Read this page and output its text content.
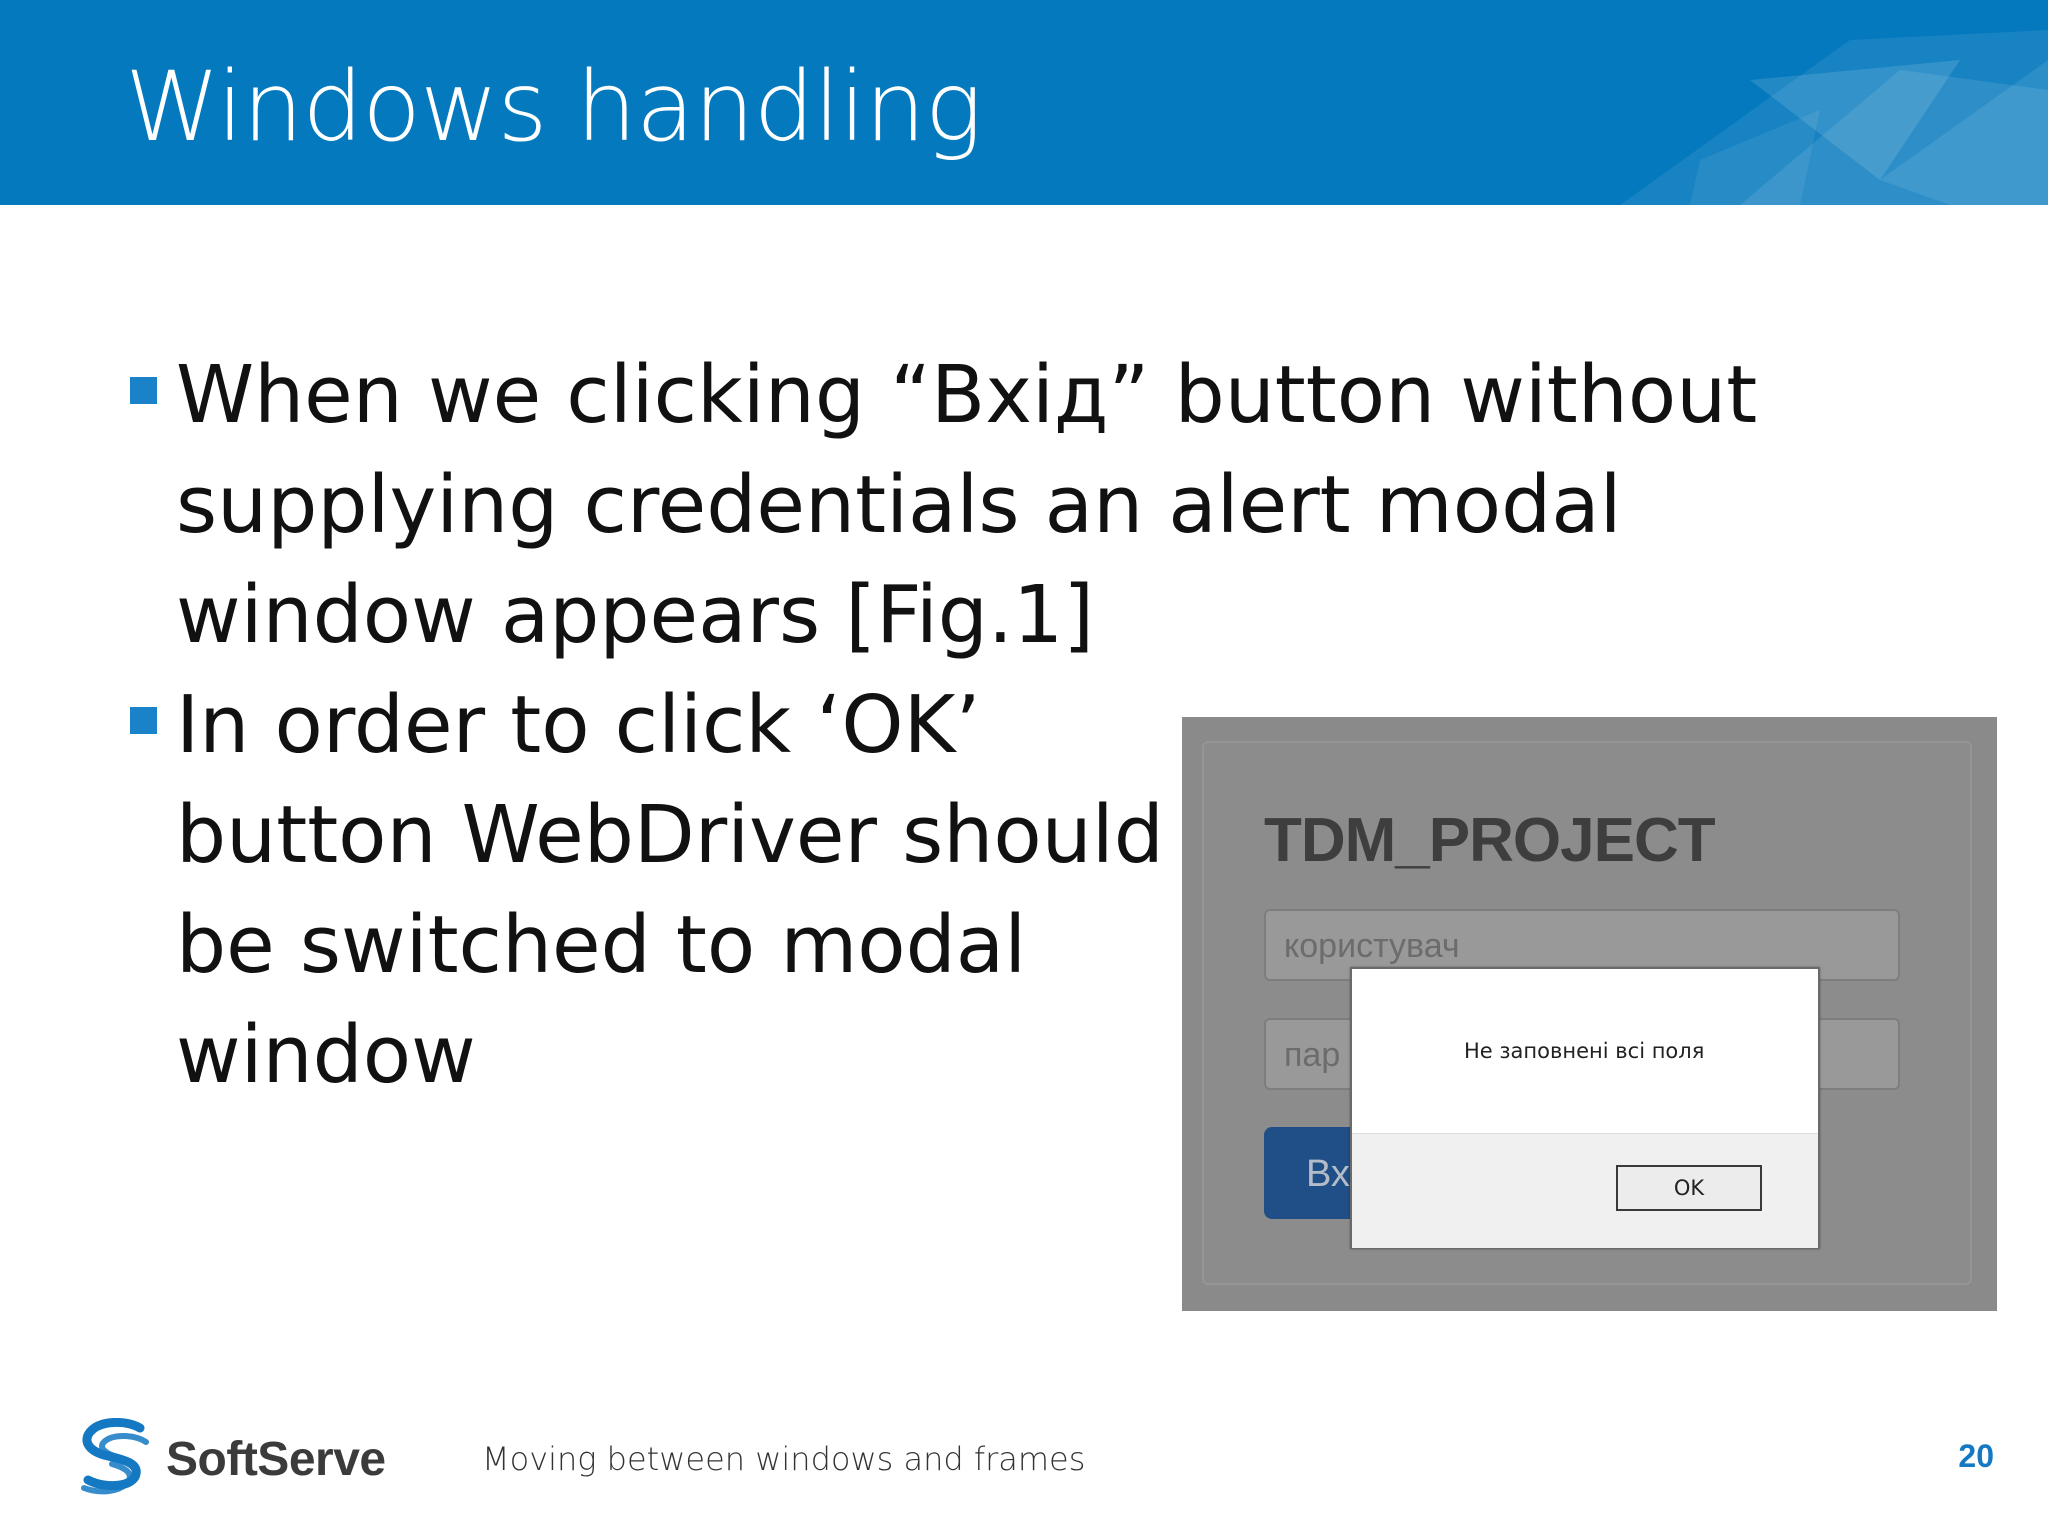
Windows handling
When we clicking “Вхід” button without supplying credentials an alert modal window appears [Fig.1]
In order to click ‘OK’ button WebDriver should be switched to modal window
TDM_PROJECT
користувач
пар
Вх
Не заповнені всі поля
OK
SoftServe	Moving between windows and frames	20
